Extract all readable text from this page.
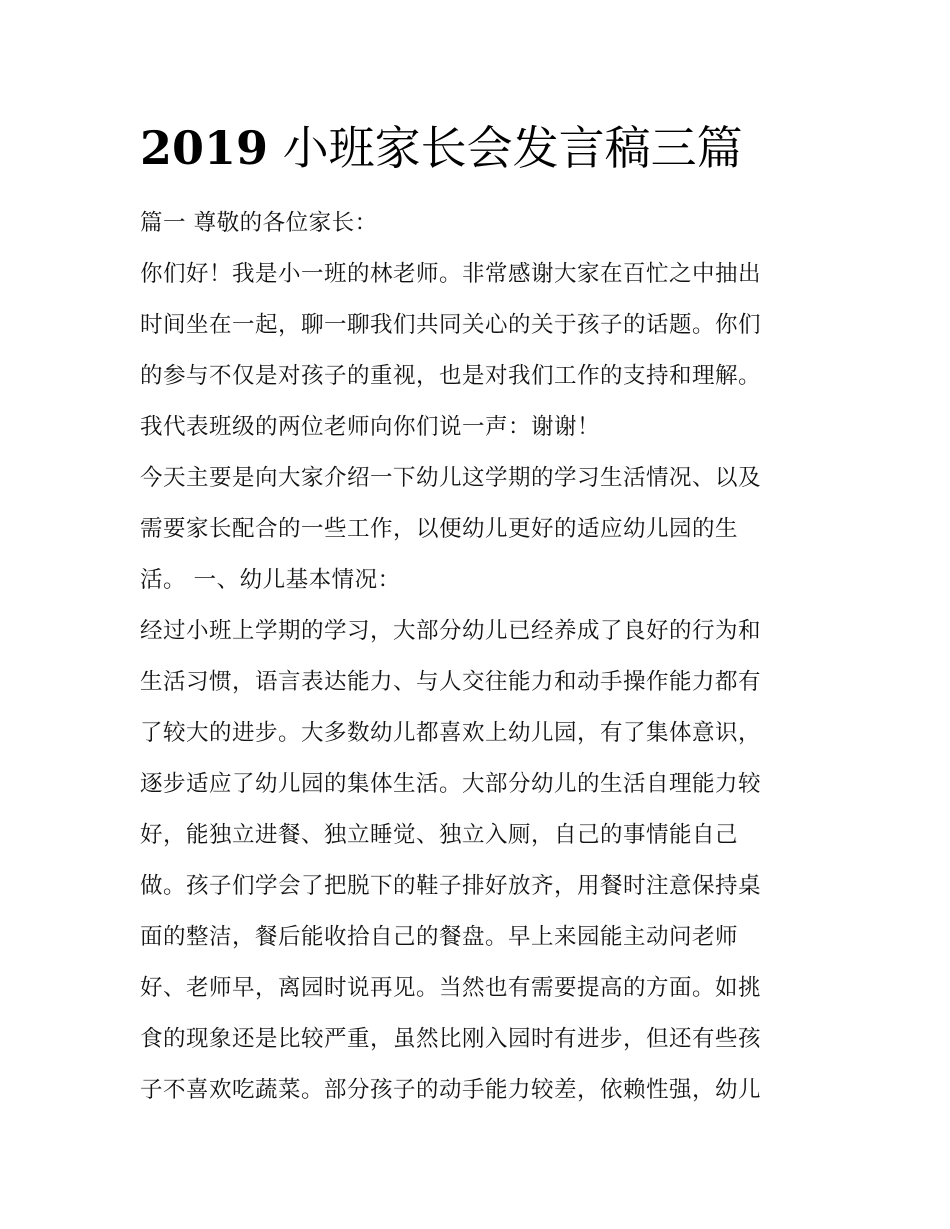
2019 小班家长会发言稿三篇
篇一 尊敬的各位家长：
你们好！我是小一班的林老师。非常感谢大家在百忙之中抽出
时间坐在一起，聊一聊我们共同关心的关于孩子的话题。你们
的参与不仅是对孩子的重视，也是对我们工作的支持和理解。
我代表班级的两位老师向你们说一声：谢谢！
今天主要是向大家介绍一下幼儿这学期的学习生活情况、以及
需要家长配合的一些工作，以便幼儿更好的适应幼儿园的生
活。 一、幼儿基本情况：
经过小班上学期的学习，大部分幼儿已经养成了良好的行为和
生活习惯，语言表达能力、与人交往能力和动手操作能力都有
了较大的进步。大多数幼儿都喜欢上幼儿园，有了集体意识，
逐步适应了幼儿园的集体生活。大部分幼儿的生活自理能力较
好，能独立进餐、独立睡觉、独立入厕，自己的事情能自己
做。孩子们学会了把脱下的鞋子排好放齐，用餐时注意保持桌
面的整洁，餐后能收拾自己的餐盘。早上来园能主动问老师
好、老师早，离园时说再见。当然也有需要提高的方面。如挑
食的现象还是比较严重，虽然比刚入园时有进步，但还有些孩
子不喜欢吃蔬菜。部分孩子的动手能力较差，依赖性强，幼儿
